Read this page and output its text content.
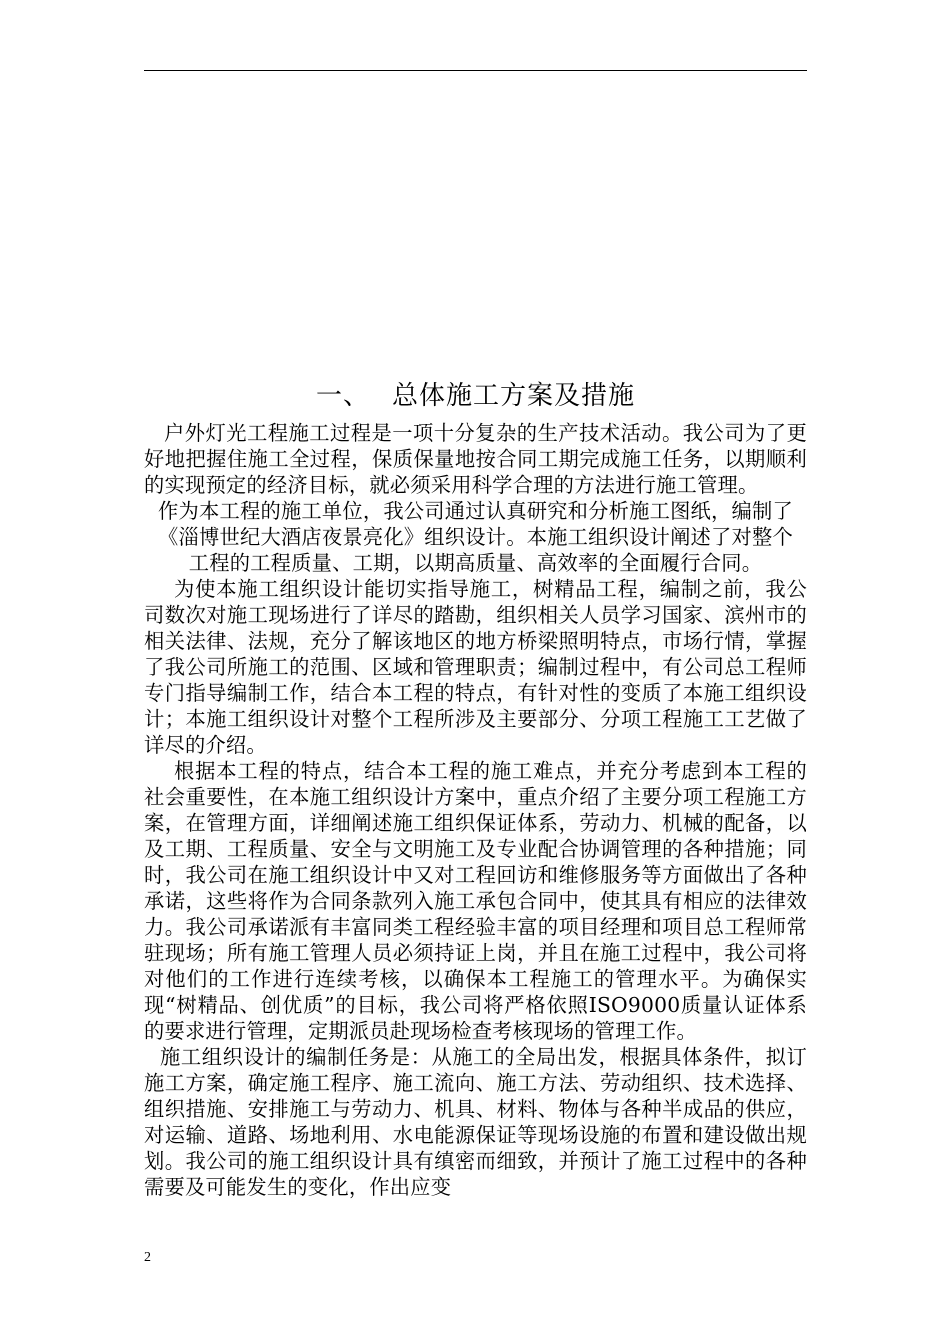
一、 总体施工方案及措施

户外灯光工程施工过程是一项十分复杂的生产技术活动。我公司为了更好地把握住施工全过程，保质保量地按合同工期完成施工任务，以期顺利的实现预定的经济目标，就必须采用科学合理的方法进行施工管理。

作为本工程的施工单位，我公司通过认真研究和分析施工图纸，编制了《淄博世纪大酒店夜景亮化》组织设计。本施工组织设计阐述了对整个工程的工程质量、工期，以期高质量、高效率的全面履行合同。

为使本施工组织设计能切实指导施工，树精品工程，编制之前，我公司数次对施工现场进行了详尽的踏勘，组织相关人员学习国家、滨州市的相关法律、法规，充分了解该地区的地方桥梁照明特点，市场行情，掌握了我公司所施工的范围、区域和管理职责；编制过程中，有公司总工程师专门指导编制工作，结合本工程的特点，有针对性的变质了本施工组织设计；本施工组织设计对整个工程所涉及主要部分、分项工程施工工艺做了详尽的介绍。

根据本工程的特点，结合本工程的施工难点，并充分考虑到本工程的社会重要性，在本施工组织设计方案中，重点介绍了主要分项工程施工方案，在管理方面，详细阐述施工组织保证体系，劳动力、机械的配备，以及工期、工程质量、安全与文明施工及专业配合协调管理的各种措施；同时，我公司在施工组织设计中又对工程回访和维修服务等方面做出了各种承诺，这些将作为合同条款列入施工承包合同中，使其具有相应的法律效力。我公司承诺派有丰富同类工程经验丰富的项目经理和项目总工程师常驻现场；所有施工管理人员必须持证上岗，并且在施工过程中，我公司将对他们的工作进行连续考核，以确保本工程施工的管理水平。为确保实现“树精品、创优质”的目标，我公司将严格依照ISO9000质量认证体系的要求进行管理，定期派员赴现场检查考核现场的管理工作。

施工组织设计的编制任务是：从施工的全局出发，根据具体条件，拟订施工方案，确定施工程序、施工流向、施工方法、劳动组织、技术选择、组织措施、安排施工与劳动力、机具、材料、物体与各种半成品的供应，对运输、道路、场地利用、水电能源保证等现场设施的布置和建设做出规划。我公司的施工组织设计具有缜密而细致，并预计了施工过程中的各种需要及可能发生的变化，作出应变

2
